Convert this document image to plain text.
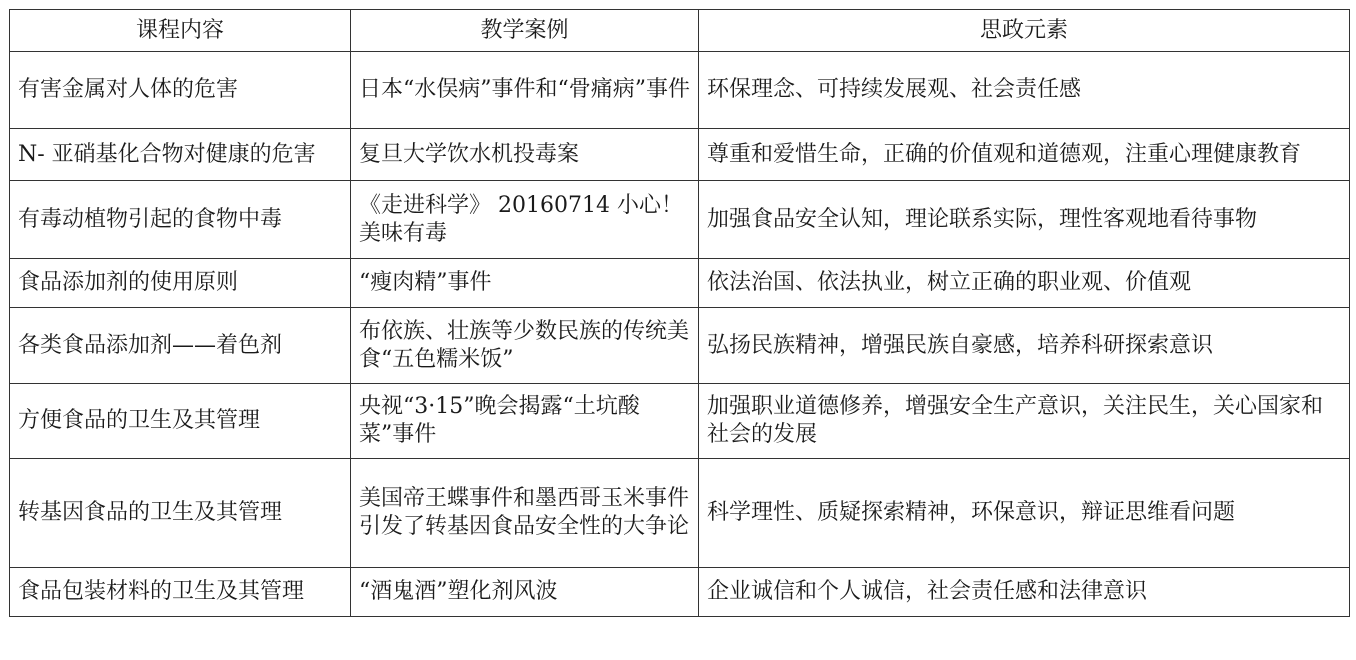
课程内容	教学案例	思政元素
有害金属对人体的危害	日本“水俣病”事件和“骨痛病”事件	环保理念、可持续发展观、社会责任感
N- 亚硝基化合物对健康的危害	复旦大学饮水机投毒案	尊重和爱惜生命，正确的价值观和道德观，注重心理健康教育
有毒动植物引起的食物中毒	《走进科学》 20160714 小心！美味有毒	加强食品安全认知，理论联系实际，理性客观地看待事物
食品添加剂的使用原则	“瘦肉精”事件	依法治国、依法执业，树立正确的职业观、价值观
各类食品添加剂——着色剂	布依族、壮族等少数民族的传统美食“五色糯米饭”	弘扬民族精神，增强民族自豪感，培养科研探索意识
方便食品的卫生及其管理	央视“3·15”晚会揭露“土坑酸菜”事件	加强职业道德修养，增强安全生产意识，关注民生，关心国家和社会的发展
转基因食品的卫生及其管理	美国帝王蝶事件和墨西哥玉米事件引发了转基因食品安全性的大争论	科学理性、质疑探索精神，环保意识，辩证思维看问题
食品包装材料的卫生及其管理	“酒鬼酒”塑化剂风波	企业诚信和个人诚信，社会责任感和法律意识
